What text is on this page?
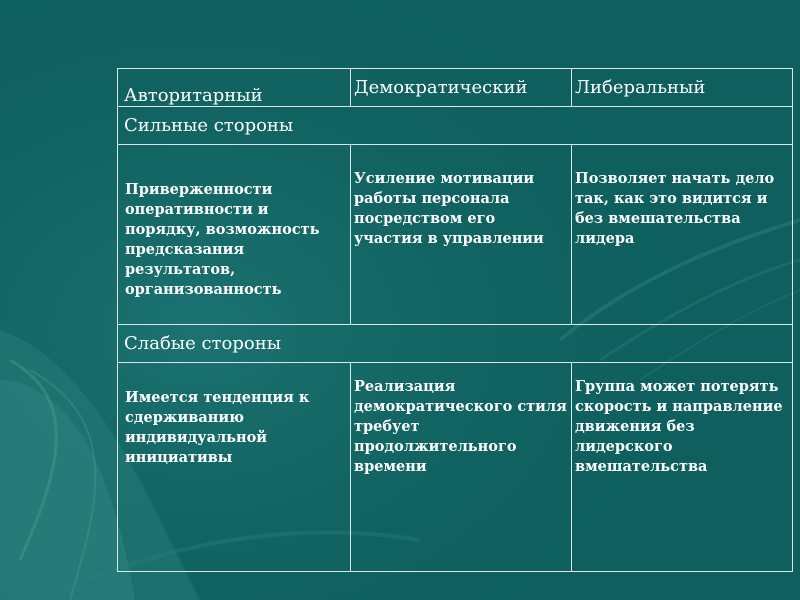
Авторитарный	Демократический	Либеральный
Сильные стороны		
Приверженности оперативности и порядку, возможность предсказания результатов, организованность	Усиление мотивации работы персонала посредством его участия в управлении	Позволяет начать дело так, как это видится и без вмешательства лидера
Слабые стороны		
Имеется тенденция к сдерживанию индивидуальной инициативы	Реализация демократического стиля требует продолжительного времени	Группа может потерять скорость и направление движения без лидерского вмешательства
